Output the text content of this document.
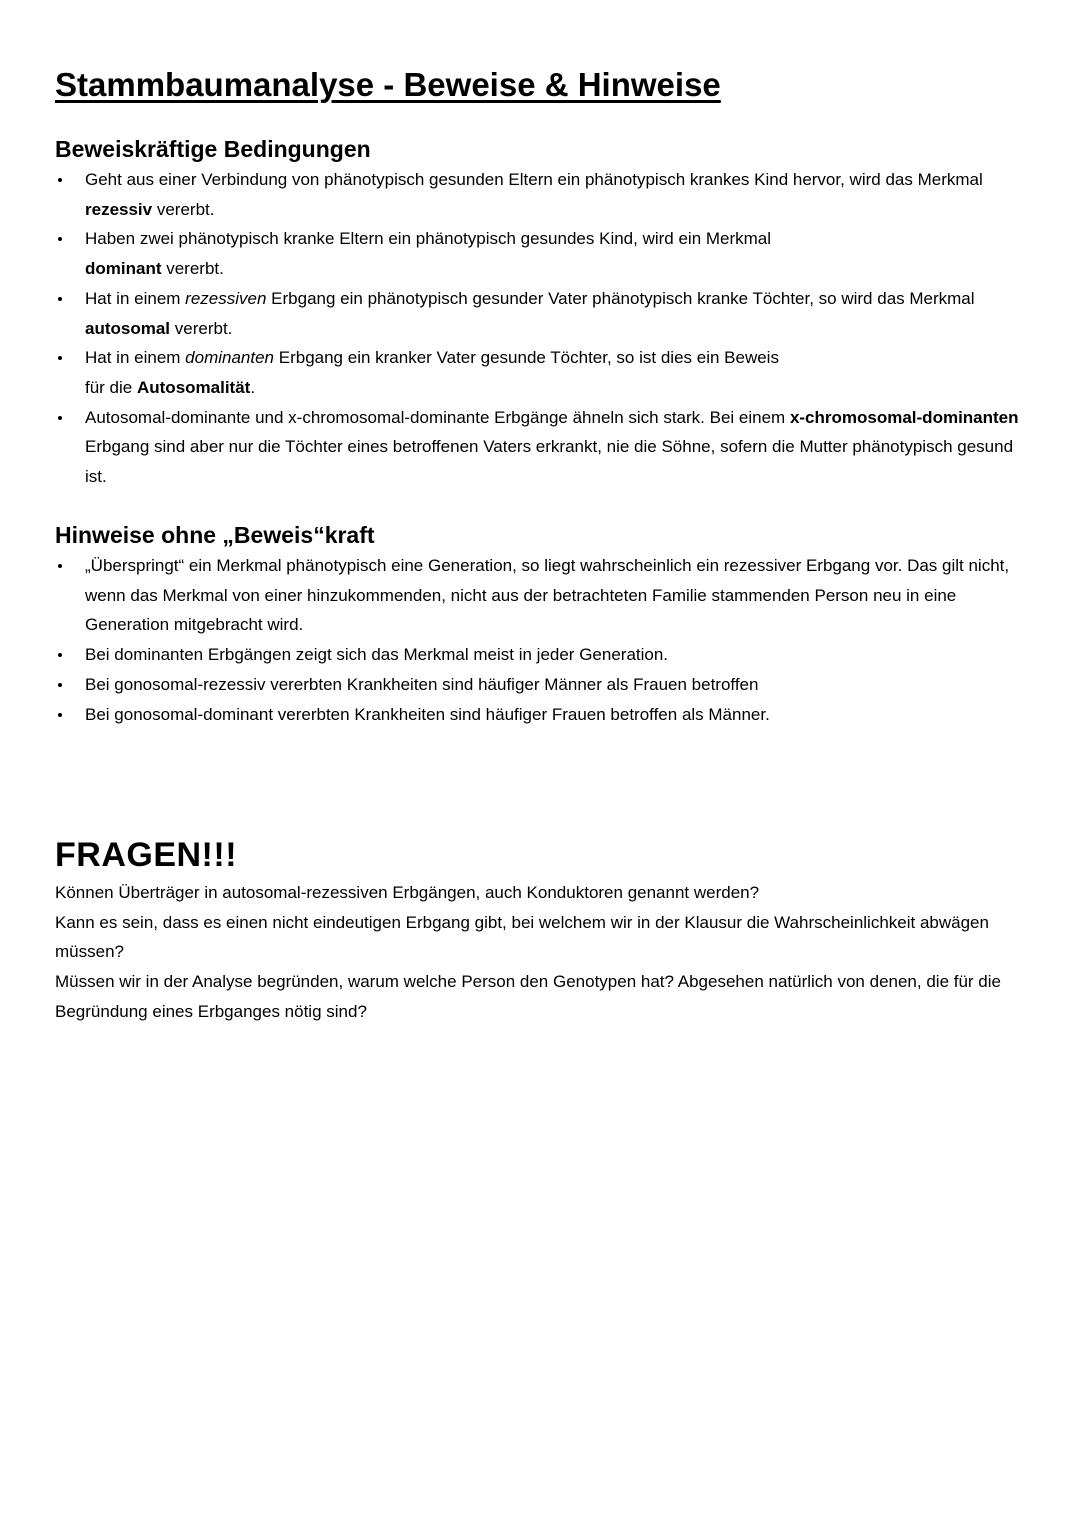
Stammbaumanalyse - Beweise & Hinweise
Beweiskräftige Bedingungen
Geht aus einer Verbindung von phänotypisch gesunden Eltern ein phänotypisch krankes Kind hervor, wird das Merkmal rezessiv vererbt.
Haben zwei phänotypisch kranke Eltern ein phänotypisch gesundes Kind, wird ein Merkmal
dominant vererbt.
Hat in einem rezessiven Erbgang ein phänotypisch gesunder Vater phänotypisch kranke Töchter, so wird das Merkmal autosomal vererbt.
Hat in einem dominanten Erbgang ein kranker Vater gesunde Töchter, so ist dies ein Beweis
für die Autosomalität.
Autosomal-dominante und x-chromosomal-dominante Erbgänge ähneln sich stark. Bei einem x-chromosomal-dominanten Erbgang sind aber nur die Töchter eines betroffenen Vaters erkrankt, nie die Söhne, sofern die Mutter phänotypisch gesund ist.
Hinweise ohne „Beweis“kraft
„Überspringt“ ein Merkmal phänotypisch eine Generation, so liegt wahrscheinlich ein rezessiver Erbgang vor. Das gilt nicht, wenn das Merkmal von einer hinzukommenden, nicht aus der betrachteten Familie stammenden Person neu in eine Generation mitgebracht wird.
Bei dominanten Erbgängen zeigt sich das Merkmal meist in jeder Generation.
Bei gonosomal-rezessiv vererbten Krankheiten sind häufiger Männer als Frauen betroffen
Bei gonosomal-dominant vererbten Krankheiten sind häufiger Frauen betroffen als Männer.
FRAGEN!!!

Können Überträger in autosomal-rezessiven Erbgängen, auch Konduktoren genannt werden?

Kann es sein, dass es einen nicht eindeutigen Erbgang gibt, bei welchem wir in der Klausur die Wahrscheinlichkeit abwägen müssen?

Müssen wir in der Analyse begründen, warum welche Person den Genotypen hat? Abgesehen natürlich von denen, die für die Begründung eines Erbganges nötig sind?
